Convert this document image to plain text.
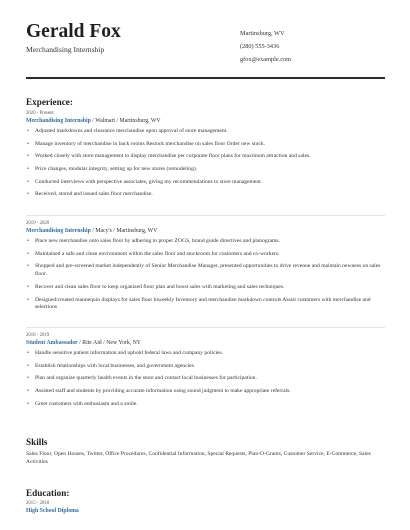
Gerald Fox
Merchandising Internship
Martinsburg, WV
(280) 555-3436
gfox@example.com
Experience:
2020 - Present
Merchandising Internship / Walmart / Martinsburg, WV
• Adjusted markdowns and clearance merchandise upon approval of store management.
• Manage inventory of merchandise in back rooms Restock merchandise on sales floor Order new stock.
• Worked closely with store management to display merchandise per corporate floor plans for maximum attraction and sales.
• Price changes, modular integrity, setting up for new stores (remodeling).
• Conducted interviews with perspective associates, giving my recommendations to store management.
• Received, stored and issued sales floor merchandise.
2019 - 2020
Merchandising Internship / Macy's / Martinsburg, WV
• Place new merchandise onto sales floor by adhering to proper ZOGS, brand guide directives and planograms.
• Maintained a safe and clean environment within the sales floor and stockroom for customers and co-workers.
• Shopped and pre-screened market independently of Senior Merchandise Manager, presented opportunities to drive revenue and maintain newness on sales floor.
• Recover and clean sales floor to keep organized floor plan and boost sales with marketing and sales techniques.
• Designed/created mannequin displays for sales floor biweekly Inventory and merchandise markdown controls Assist customers with merchandise and selections
2018 - 2019
Student Ambassador / Rite Aid / New York, NY
• Handle sensitive patient information and uphold federal laws and company policies.
• Establish relationships with local businesses, and government agencies.
• Plan and organize quarterly health events in the store and contact local businesses for participation.
• Assisted staff and students by providing accurate information using sound judgment to make appropriate referrals.
• Greet customers with enthusiasm and a smile.
Skills
Sales Floor, Open Houses, Twitter, Office Procedures, Confidential Information, Special Requests, Plan-O-Grams, Customer Service, E-Commerce, Sales Activities
Education:
2015 - 2018
High School Diploma
